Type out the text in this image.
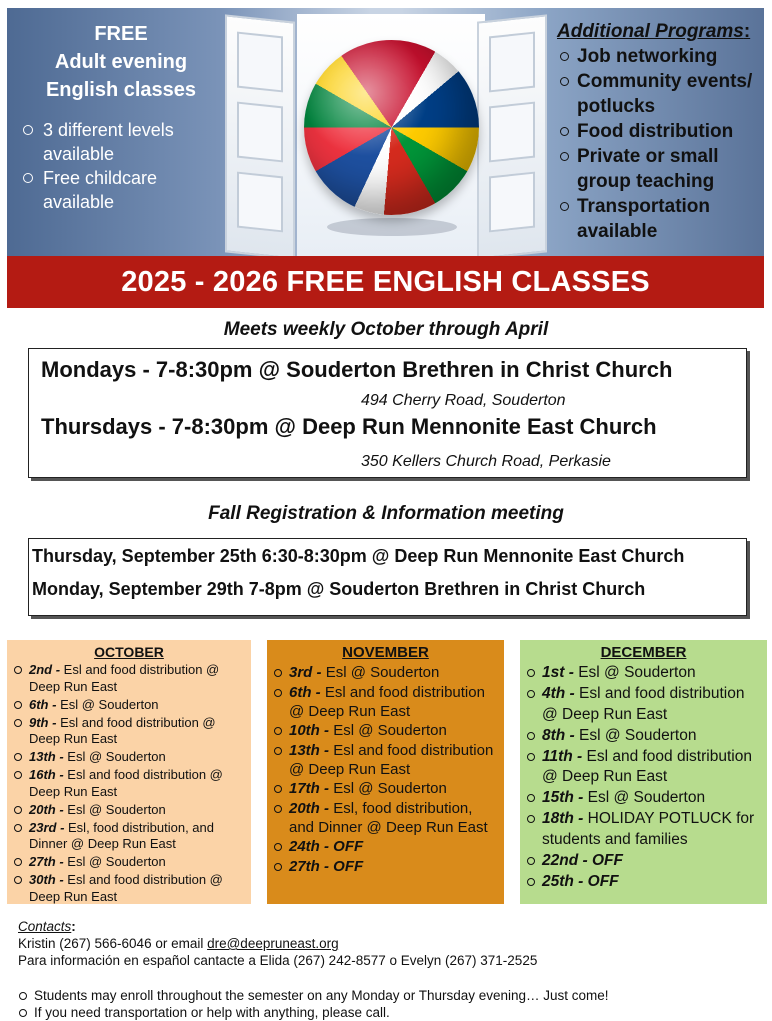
FREE
Adult evening
English classes
3 different levels available
Free childcare available
Additional Programs:
Job networking
Community events/ potlucks
Food distribution
Private or small group teaching
Transportation available
2025 - 2026 FREE ENGLISH CLASSES
Meets weekly October through April
Mondays - 7-8:30pm @ Souderton Brethren in Christ Church
494 Cherry Road, Souderton
Thursdays - 7-8:30pm @ Deep Run Mennonite East Church
350 Kellers Church Road, Perkasie
Fall Registration & Information meeting
Thursday, September 25th 6:30-8:30pm @ Deep Run Mennonite East Church
Monday, September 29th 7-8pm @ Souderton Brethren in Christ Church
OCTOBER
2nd - Esl and food distribution @ Deep Run East
6th - Esl @ Souderton
9th - Esl and food distribution @ Deep Run East
13th - Esl @ Souderton
16th - Esl and food distribution @ Deep Run East
20th - Esl @ Souderton
23rd - Esl, food distribution, and Dinner @ Deep Run East
27th - Esl @ Souderton
30th - Esl and food distribution @ Deep Run East
NOVEMBER
3rd - Esl @ Souderton
6th - Esl and food distribution @ Deep Run East
10th - Esl @ Souderton
13th - Esl and food distribution @ Deep Run East
17th - Esl @ Souderton
20th - Esl, food distribution, and Dinner @ Deep Run East
24th - OFF
27th - OFF
DECEMBER
1st - Esl @ Souderton
4th - Esl and food distribution @ Deep Run East
8th - Esl @ Souderton
11th - Esl and food distribution @ Deep Run East
15th - Esl @ Souderton
18th - HOLIDAY POTLUCK for students and families
22nd - OFF
25th - OFF
Contacts:
Kristin (267) 566-6046 or email dre@deepruneast.org
Para información en español cantacte a Elida (267) 242-8577 o Evelyn (267) 371-2525
Students may enroll throughout the semester on any Monday or Thursday evening… Just come!
If you need transportation or help with anything, please call.
